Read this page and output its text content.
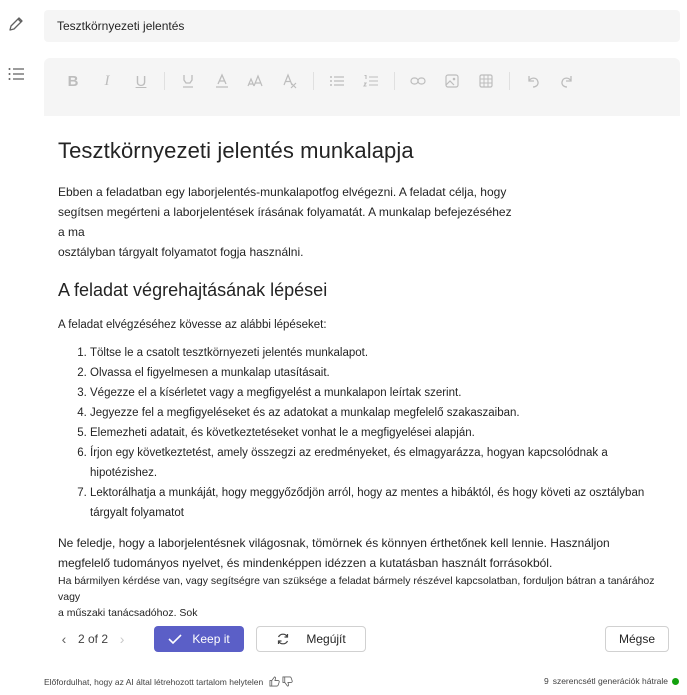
Tesztkörnyezeti jelentés
B I U
Tesztkörnyezeti jelentés munkalapja

Ebben a feladatban egy laborjelentés-munkalapotfog elvégezni. A feladat célja, hogy
segítsen megérteni a laborjelentések írásának folyamatát. A munkalap befejezéséhez a ma
osztályban tárgyalt folyamatot fogja használni.

A feladat végrehajtásának lépései

A feladat elvégzéséhez kövesse az alábbi lépéseket:

1. Töltse le a csatolt tesztkörnyezeti jelentés munkalapot.
2. Olvassa el figyelmesen a munkalap utasításait.
3. Végezze el a kísérletet vagy a megfigyelést a munkalapon leírtak szerint.
4. Jegyezze fel a megfigyeléseket és az adatokat a munkalap megfelelő szakaszaiban.
5. Elemezheti adatait, és következtetéseket vonhat le a megfigyelései alapján.
6. Írjon egy következtetést, amely összegzi az eredményeket, és elmagyarázza, hogyan kapcsolódnak a hipotézishez.
7. Lektorálhatja a munkáját, hogy meggyőződjön arról, hogy az mentes a hibáktól, és hogy követi az osztályban tárgyalt folyamatot

Ne feledje, hogy a laborjelentésnek világosnak, tömörnek és könnyen érthetőnek kell lennie. Használjon
megfelelő tudományos nyelvet, és mindenképpen idézzen a kutatásban használt forrásokból.

Ha bármilyen kérdése van, vagy segítségre van szüksége a feladat bármely részével kapcsolatban, forduljon bátran a tanárához vagy
a műszaki tanácsadóhoz. Sok

‹ 2 of 2 ›	Keep it	Megújít	Mégse
Előfordulhat, hogy az AI által létrehozott tartalom helytelen	9 szerencsétl generációk hátrale
